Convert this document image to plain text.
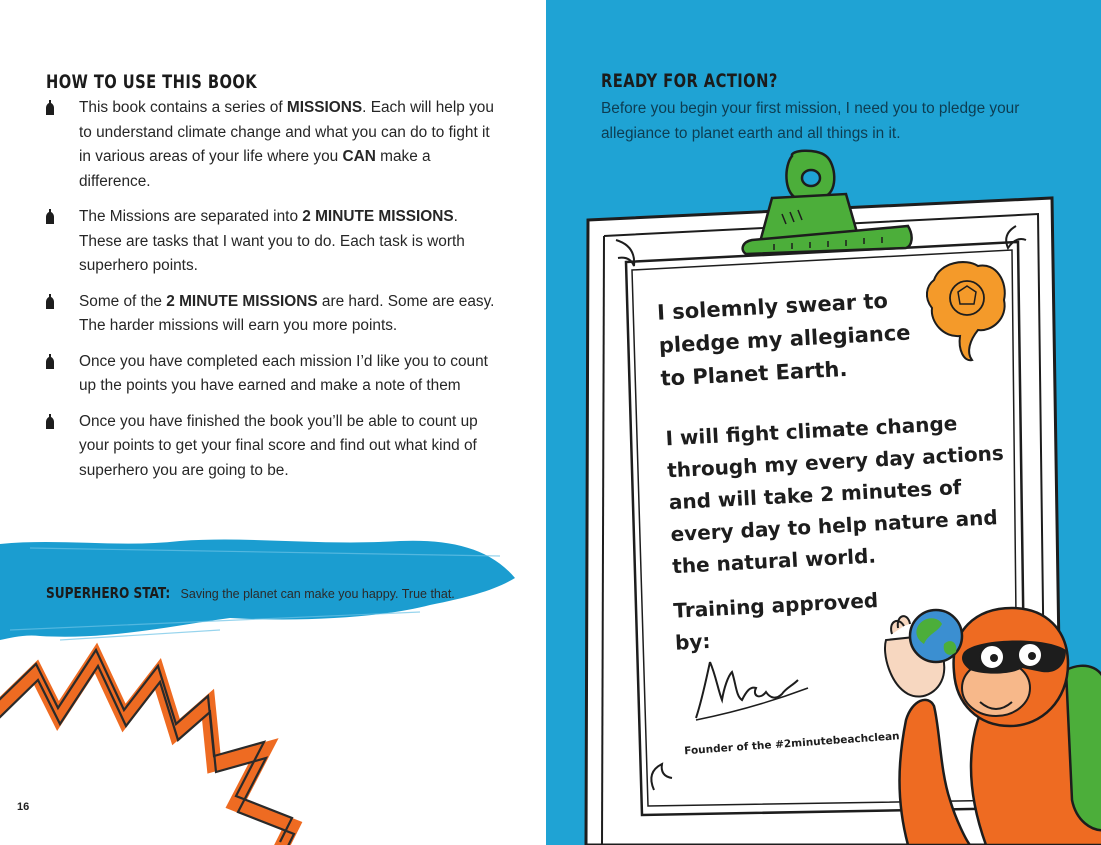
HOW TO USE THIS BOOK
This book contains a series of MISSIONS. Each will help you to understand climate change and what you can do to fight it in various areas of your life where you CAN make a difference.
The Missions are separated into 2 MINUTE MISSIONS. These are tasks that I want you to do. Each task is worth superhero points.
Some of the 2 MINUTE MISSIONS are hard. Some are easy. The harder missions will earn you more points.
Once you have completed each mission I’d like you to count up the points you have earned and make a note of them
Once you have finished the book you’ll be able to count up your points to get your final score and find out what kind of superhero you are going to be.
SUPERHERO STAT: Saving the planet can make you happy. True that.
16
READY FOR ACTION?
Before you begin your first mission, I need you to pledge your allegiance to planet earth and all things in it.
I solemnly swear to
pledge my allegiance
to Planet Earth.
I will fight climate change
through my every day actions
and will take 2 minutes of
every day to help nature and
the natural world.
Training approved
by:
Founder of the #2minutebeachclean
